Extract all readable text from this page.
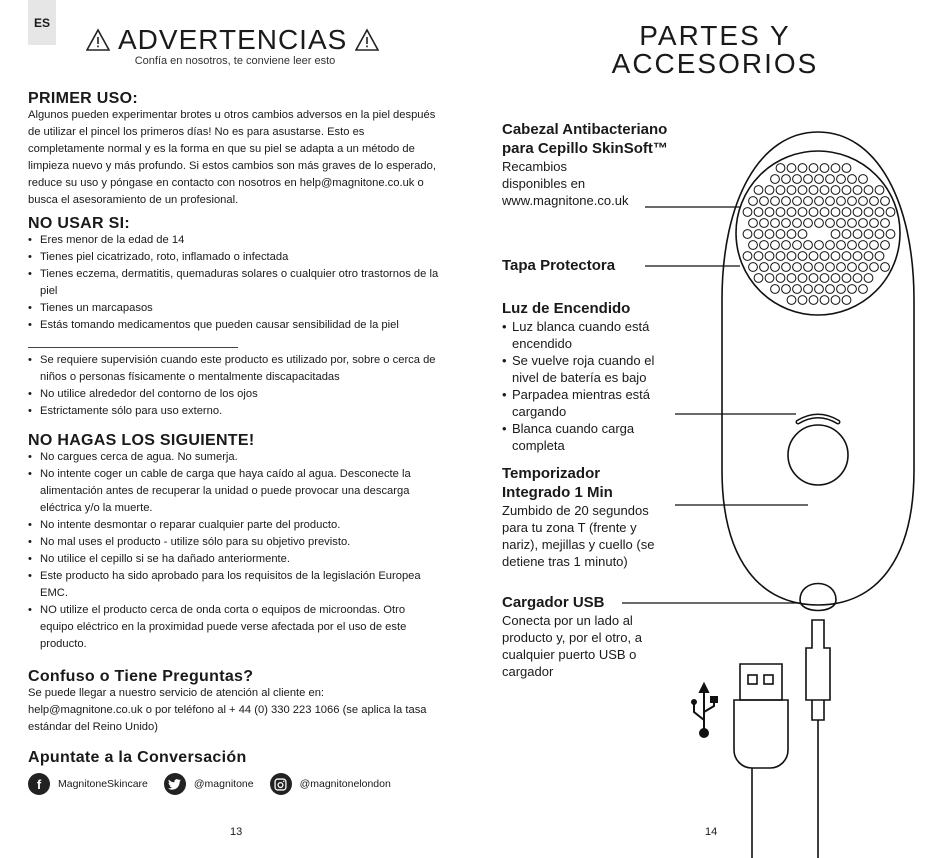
ES
ADVERTENCIAS
Confía en nosotros, te conviene leer esto
PRIMER USO:

Algunos pueden experimentar brotes u otros cambios adversos en la piel después de utilizar el pincel los primeros días! No es para asustarse. Esto es completamente normal y es la forma en que su piel se adapta a un método de limpieza nuevo y más profundo. Si estos cambios son más graves de lo esperado, reduce su uso y póngase en contacto con nosotros en help@magnitone.co.uk o busca el asesoramiento de un profesional.

NO USAR SI:
• Eres menor de la edad de 14
• Tienes piel cicatrizado, roto, inflamado o infectada
• Tienes eczema, dermatitis, quemaduras solares o cualquier otro trastornos de la piel
• Tienes un marcapasos
• Estás tomando medicamentos que pueden causar sensibilidad de la piel
• Se requiere supervisión cuando este producto es utilizado por, sobre o cerca de niños o personas físicamente o mentalmente discapacitadas
• No utilice alrededor del contorno de los ojos
• Estrictamente sólo para uso externo.
NO HAGAS LOS SIGUIENTE!
• No cargues cerca de agua. No sumerja.
• No intente coger un cable de carga que haya caído al agua. Desconecte la alimentación antes de recuperar la unidad o puede provocar una descarga eléctrica y/o la muerte.
• No intente desmontar o reparar cualquier parte del producto.
• No mal uses el producto - utilize sólo para su objetivo previsto.
• No utilice el cepillo si se ha dañado anteriormente.
• Este producto ha sido aprobado para los requisitos de la legislación Europea EMC.
• NO utilize el producto cerca de onda corta o equipos de microondas. Otro equipo eléctrico en la proximidad puede verse afectada por el uso de este producto.
Confuso o Tiene Preguntas?

Se puede llegar a nuestro servicio de atención al cliente en: help@magnitone.co.uk o por teléfono al + 44 (0) 330 223 1066 (se aplica la tasa estándar del Reino Unido)

Apuntate a la Conversación
f	MagnitoneSkincare	@magnitone	@magnitonelondon
13
PARTES Y
ACCESORIOS
Cabezal Antibacteriano para Cepillo SkinSoft™
Recambios
disponibles en
www.magnitone.co.uk
Tapa Protectora
Luz de Encendido
• Luz blanca cuando está encendido
• Se vuelve roja cuando el nivel de batería es bajo
• Parpadea mientras está cargando
• Blanca cuando carga completa
Temporizador Integrado 1 Min
Zumbido de 20 segundos para tu zona T (frente y nariz), mejillas y cuello (se detiene tras 1 minuto)
Cargador USB
Conecta por un lado al producto y, por el otro, a cualquier puerto USB o cargador
14
